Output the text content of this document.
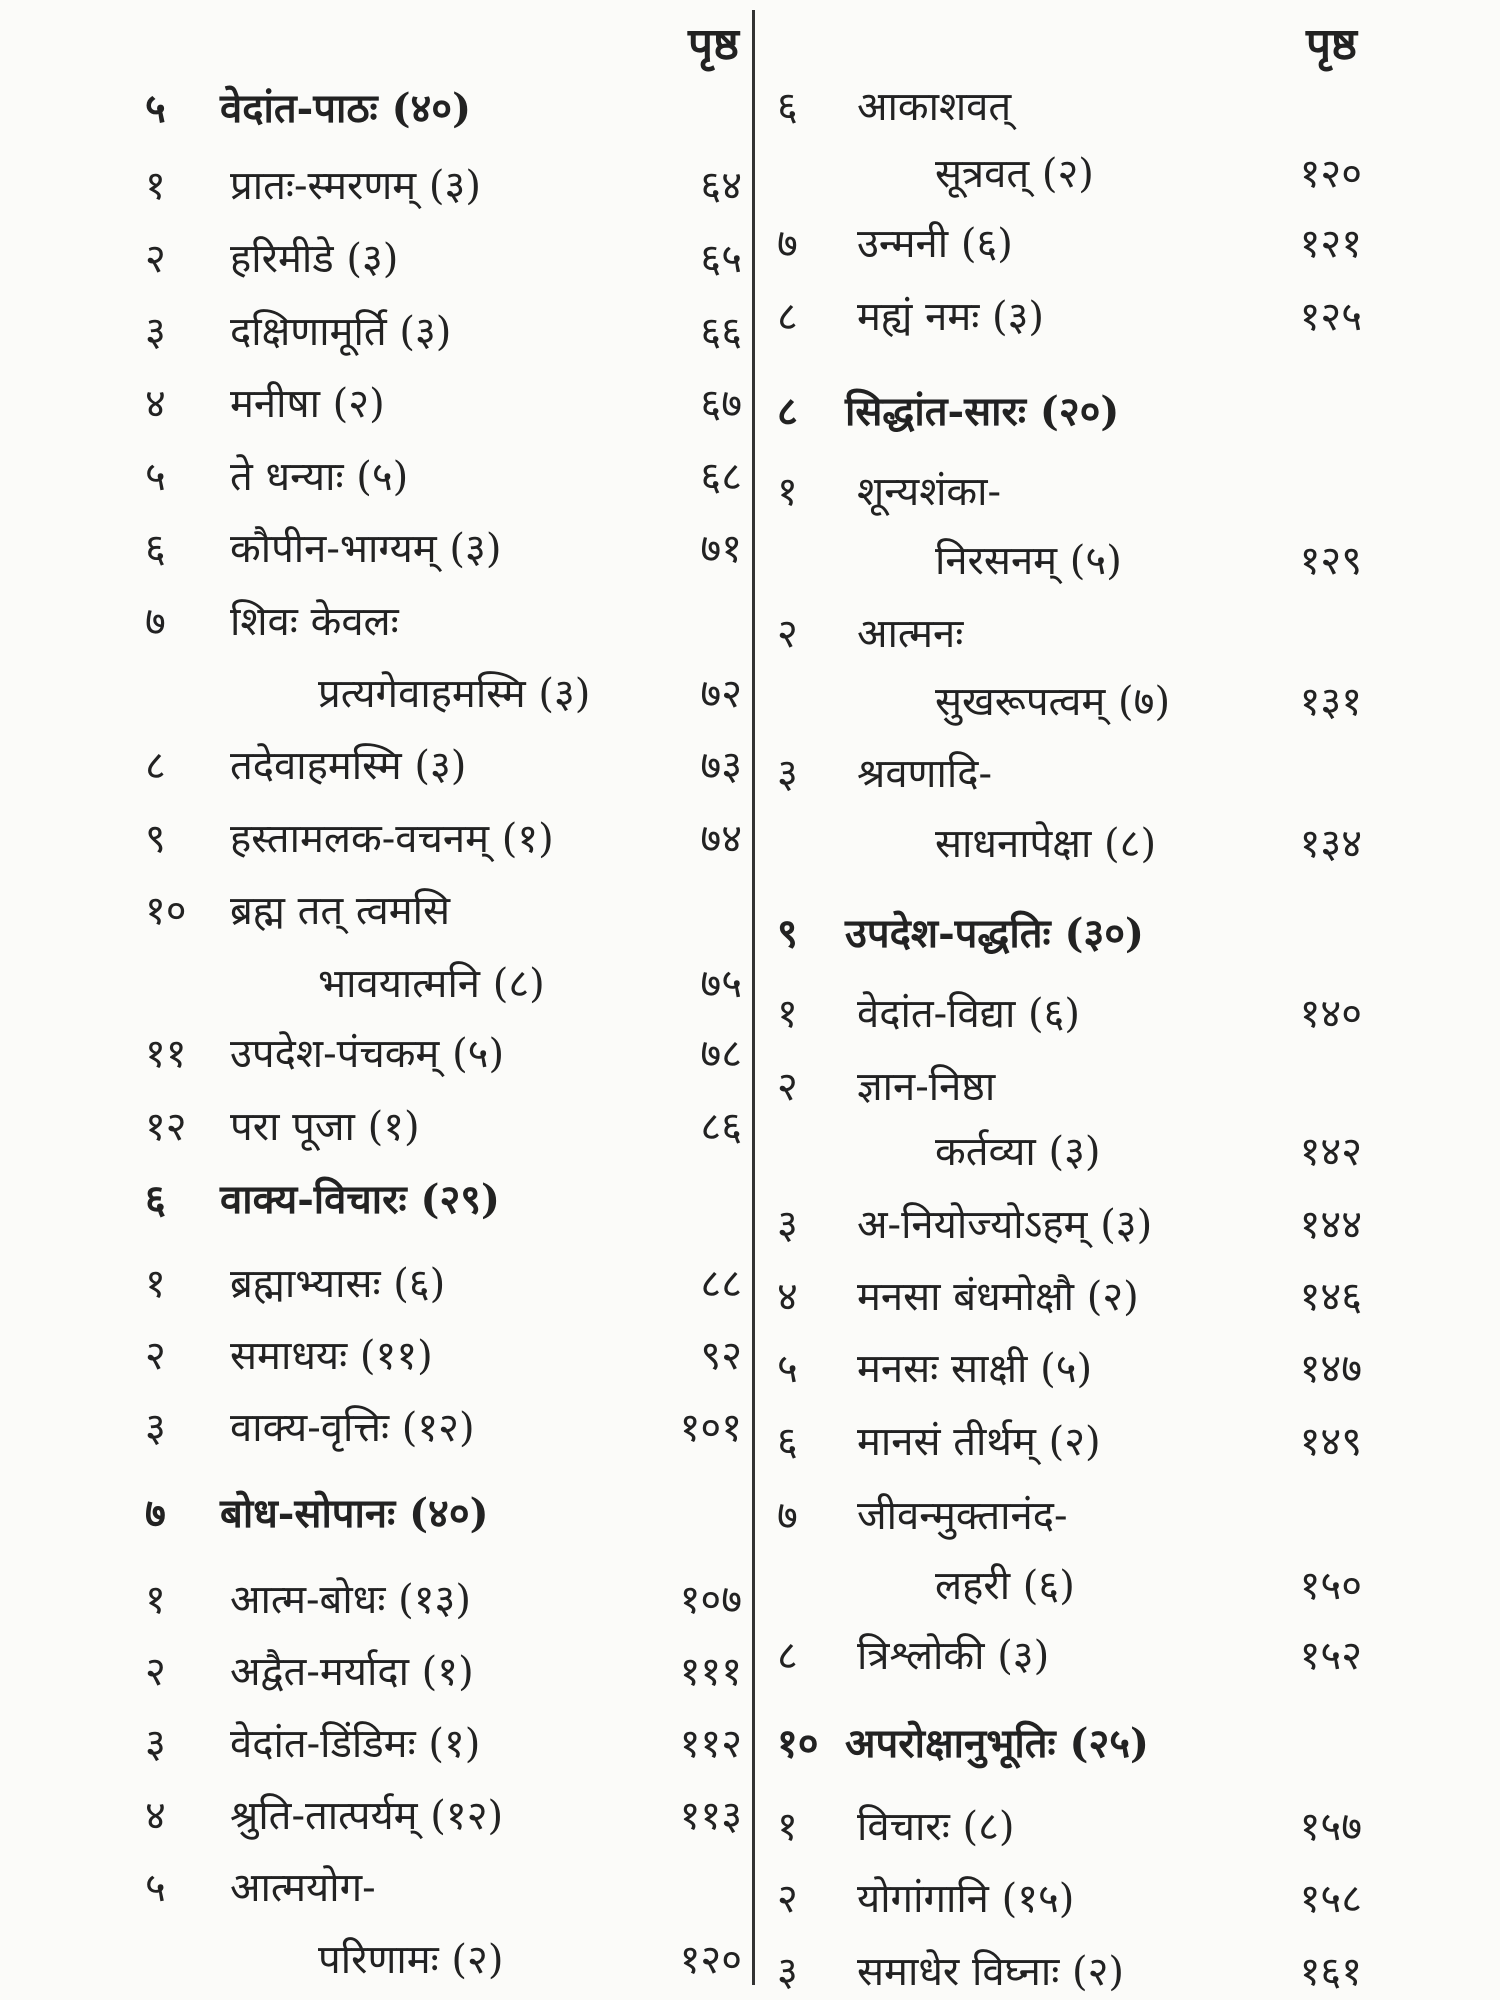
पृष्ठ	पृष्ठ
५ वेदांत-पाठः (४०)
१ प्रातः-स्मरणम् (३)	६४
२ हरिमीडे (३)	६५
३ दक्षिणामूर्ति (३)	६६
४ मनीषा (२)	६७
५ ते धन्याः (५)	६८
६ कौपीन-भाग्यम् (३)	७१
७ शिवः केवलः
प्रत्यगेवाहमस्मि (३)	७२
८ तदेवाहमस्मि (३)	७३
९ हस्तामलक-वचनम् (१)	७४
१० ब्रह्म तत् त्वमसि
भावयात्मनि (८)	७५
११ उपदेश-पंचकम् (५)	७८
१२ परा पूजा (१)	८६
६ वाक्य-विचारः (२९)
१ ब्रह्माभ्यासः (६)	८८
२ समाधयः (११)	९२
३ वाक्य-वृत्तिः (१२)	१०१
७ बोध-सोपानः (४०)
१ आत्म-बोधः (१३)	१०७
२ अद्वैत-मर्यादा (१)	१११
३ वेदांत-डिंडिमः (१)	११२
४ श्रुति-तात्पर्यम् (१२)	११३
५ आत्मयोग-
परिणामः (२)	१२०
६ आकाशवत्
सूत्रवत् (२)	१२०
७ उन्मनी (६)	१२१
८ मह्यं नमः (३)	१२५
८ सिद्धांत-सारः (२०)
१ शून्यशंका-
निरसनम् (५)	१२९
२ आत्मनः
सुखरूपत्वम् (७)	१३१
३ श्रवणादि-
साधनापेक्षा (८)	१३४
९ उपदेश-पद्धतिः (३०)
१ वेदांत-विद्या (६)	१४०
२ ज्ञान-निष्ठा
कर्तव्या (३)	१४२
३ अ-नियोज्योऽहम् (३)	१४४
४ मनसा बंधमोक्षौ (२)	१४६
५ मनसः साक्षी (५)	१४७
६ मानसं तीर्थम् (२)	१४९
७ जीवन्मुक्तानंद-
लहरी (६)	१५०
८ त्रिश्लोकी (३)	१५२
१० अपरोक्षानुभूतिः (२५)
१ विचारः (८)	१५७
२ योगांगानि (१५)	१५८
३ समाधेर विघ्नाः (२)	१६१
